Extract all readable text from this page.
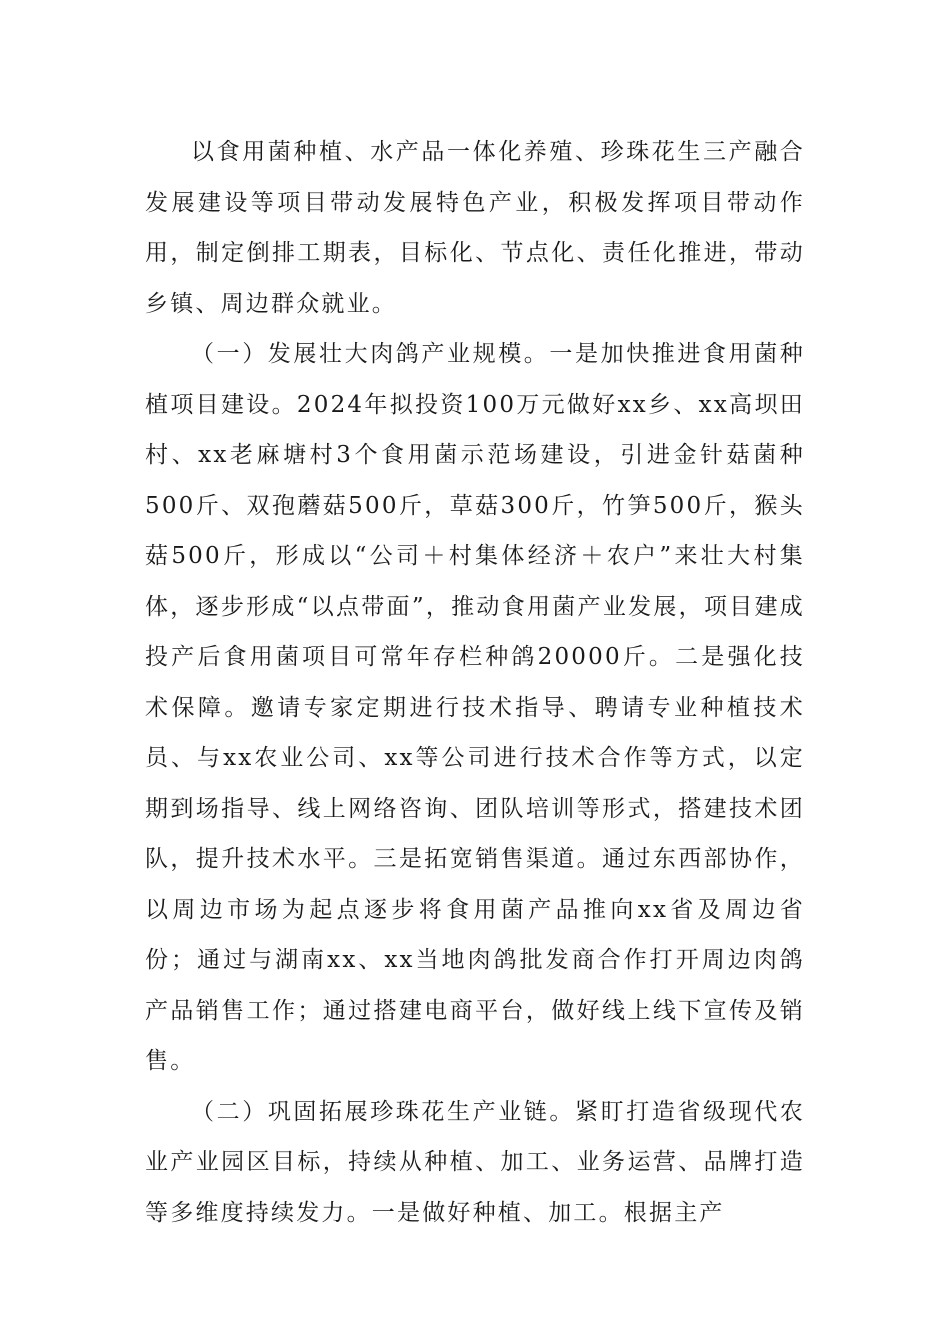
以食用菌种植、水产品一体化养殖、珍珠花生三产融合发展建设等项目带动发展特色产业，积极发挥项目带动作用，制定倒排工期表，目标化、节点化、责任化推进，带动乡镇、周边群众就业。

（一）发展壮大肉鸽产业规模。一是加快推进食用菌种植项目建设。2024年拟投资100万元做好xx乡、xx高坝田村、xx老麻塘村3个食用菌示范场建设，引进金针菇菌种500斤、双孢蘑菇500斤，草菇300斤，竹笋500斤，猴头菇500斤，形成以“公司＋村集体经济＋农户”来壮大村集体，逐步形成“以点带面”，推动食用菌产业发展，项目建成投产后食用菌项目可常年存栏种鸽20000斤。二是强化技术保障。邀请专家定期进行技术指导、聘请专业种植技术员、与xx农业公司、xx等公司进行技术合作等方式，以定期到场指导、线上网络咨询、团队培训等形式，搭建技术团队，提升技术水平。三是拓宽销售渠道。通过东西部协作，以周边市场为起点逐步将食用菌产品推向xx省及周边省份；通过与湖南xx、xx当地肉鸽批发商合作打开周边肉鸽产品销售工作；通过搭建电商平台，做好线上线下宣传及销售。

（二）巩固拓展珍珠花生产业链。紧盯打造省级现代农业产业园区目标，持续从种植、加工、业务运营、品牌打造等多维度持续发力。一是做好种植、加工。根据主产
